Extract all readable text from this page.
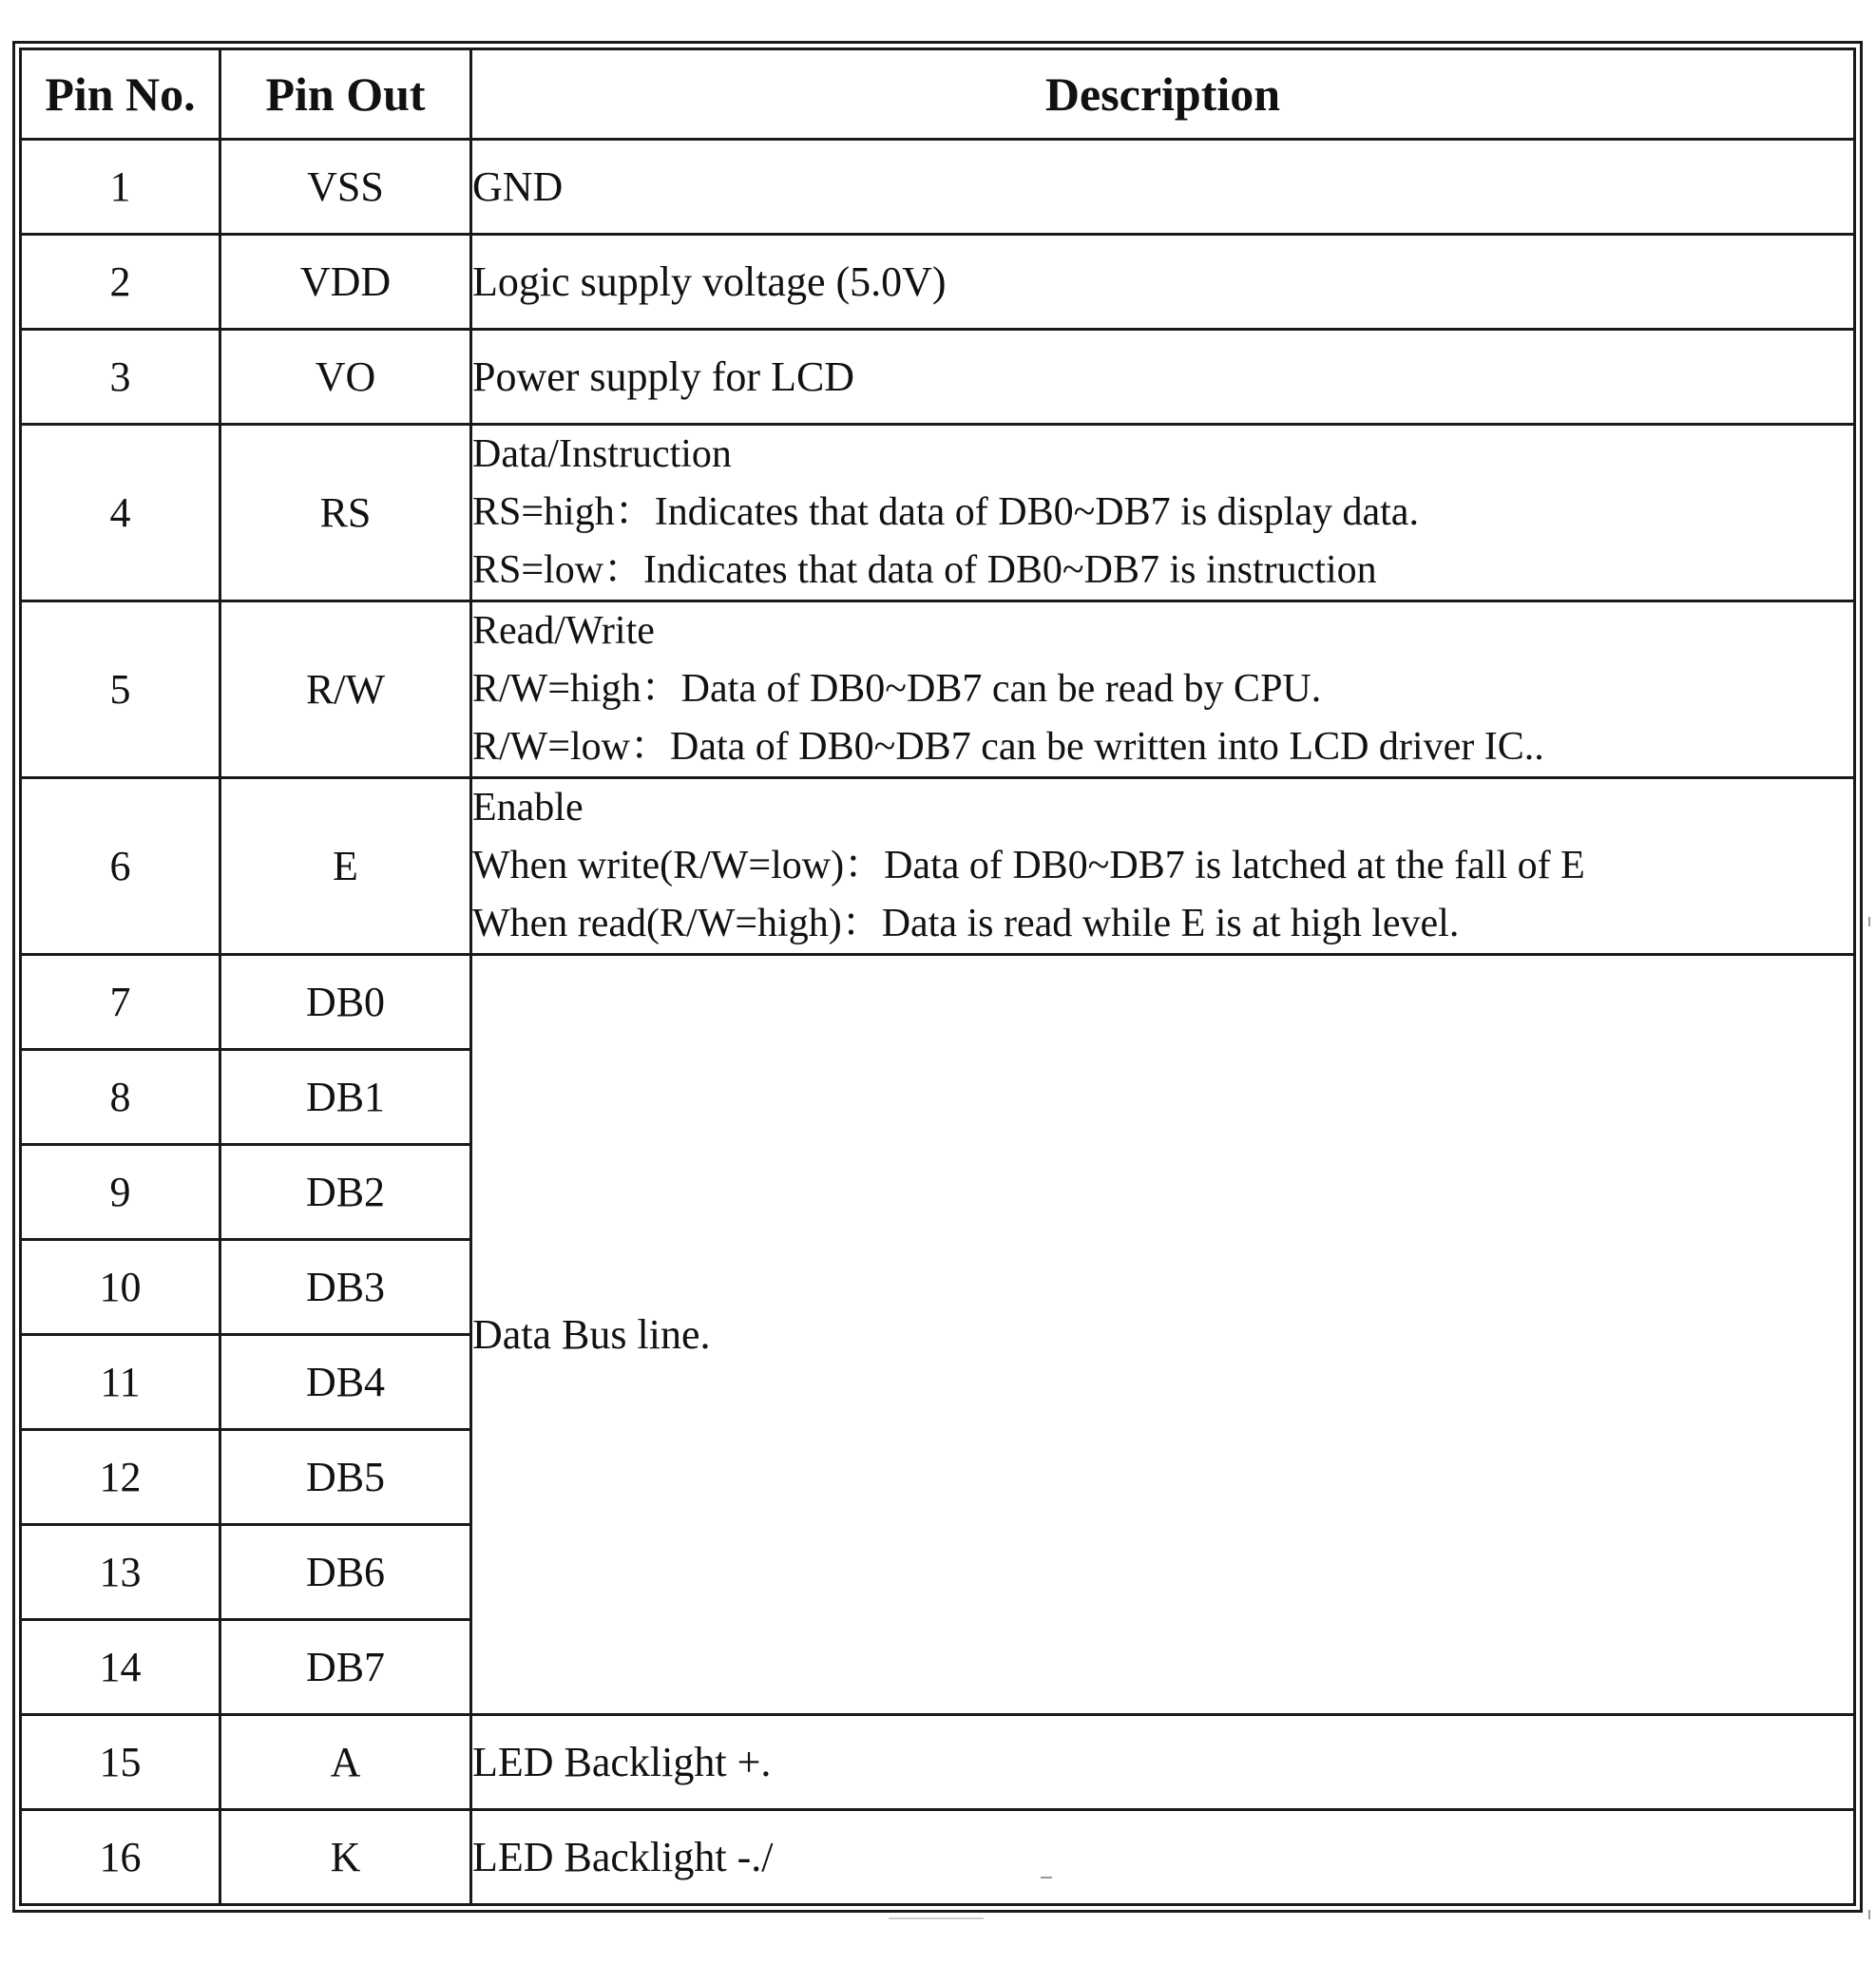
Pin No.	Pin Out	Description
1	VSS	GND

2	VDD	Logic supply voltage (5.0V)

3	VO	Power supply for LCD

4	RS	Data/Instruction
RS=high：Indicates that data of DB0~DB7 is display data.
RS=low：Indicates that data of DB0~DB7 is instruction

5	R/W	Read/Write
R/W=high：Data of DB0~DB7 can be read by CPU.
R/W=low：Data of DB0~DB7 can be written into LCD driver IC..

6	E	Enable
When write(R/W=low)：Data of DB0~DB7 is latched at the fall of E
When read(R/W=high)：Data is read while E is at high level.

7	DB0	Data Bus line.

8	DB1	
9	DB2	
10	DB3	
11	DB4	
12	DB5	
13	DB6	
14	DB7	
15	A	LED Backlight +.

16	K	LED Backlight -./
